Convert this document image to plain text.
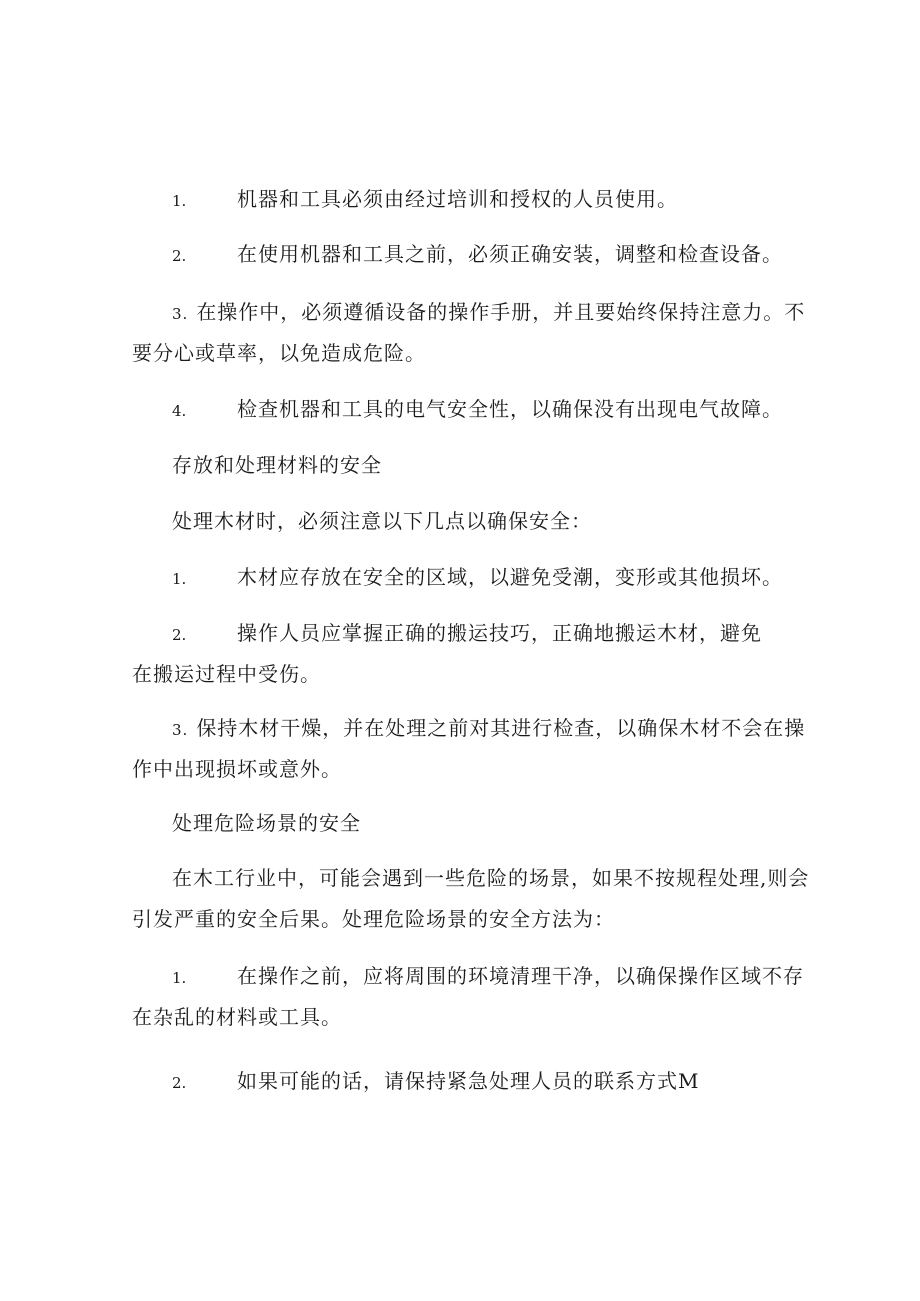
1.	机器和工具必须由经过培训和授权的人员使用。
2.	在使用机器和工具之前，必须正确安装，调整和检查设备。
3. 在操作中，必须遵循设备的操作手册，并且要始终保持注意力。不
要分心或草率，以免造成危险。
4.	检查机器和工具的电气安全性，以确保没有出现电气故障。
存放和处理材料的安全
处理木材时，必须注意以下几点以确保安全：
1.	木材应存放在安全的区域，以避免受潮，变形或其他损坏。
2.	操作人员应掌握正确的搬运技巧，正确地搬运木材，避免
在搬运过程中受伤。
3. 保持木材干燥，并在处理之前对其进行检查，以确保木材不会在操
作中出现损坏或意外。
处理危险场景的安全
在木工行业中，可能会遇到一些危险的场景，如果不按规程处理,则会
引发严重的安全后果。处理危险场景的安全方法为：
1.	在操作之前，应将周围的环境清理干净，以确保操作区域不存
在杂乱的材料或工具。
2.	如果可能的话，请保持紧急处理人员的联系方式M
